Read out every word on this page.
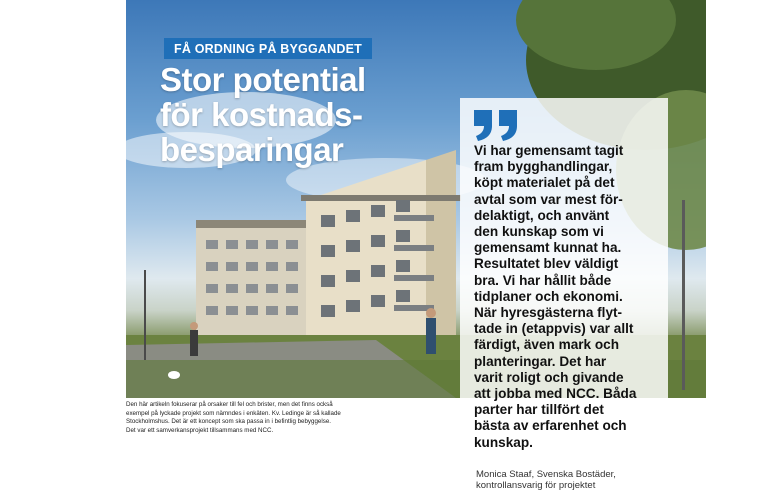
FÅ ORDNING PÅ BYGGANDET
Stor potential
för kostnads-
besparingar	Vi har gemensamt tagit
fram bygghandlingar,
köpt materialet på det
avtal som var mest för-
delaktigt, och använt
den kunskap som vi
gemensamt kunnat ha.
Resultatet blev väldigt
bra. Vi har hållit både
tidplaner och ekonomi.
När hyresgästerna flyt-
tade in (etappvis) var allt
färdigt, även mark och
planteringar. Det har
varit roligt och givande
att jobba med NCC. Båda
parter har tillfört det
bästa av erfarenhet och
kunskap.
Den här artikeln fokuserar på orsaker till fel och brister, men det finns också
exempel på lyckade projekt som nämndes i enkäten. Kv. Ledinge är så kallade
Stockholmshus. Det är ett koncept som ska passa in i befintlig bebyggelse.
Det var ett samverkansprojekt tillsammans med NCC.
Monica Staaf, Svenska Bostäder,
kontrollansvarig för projektet
